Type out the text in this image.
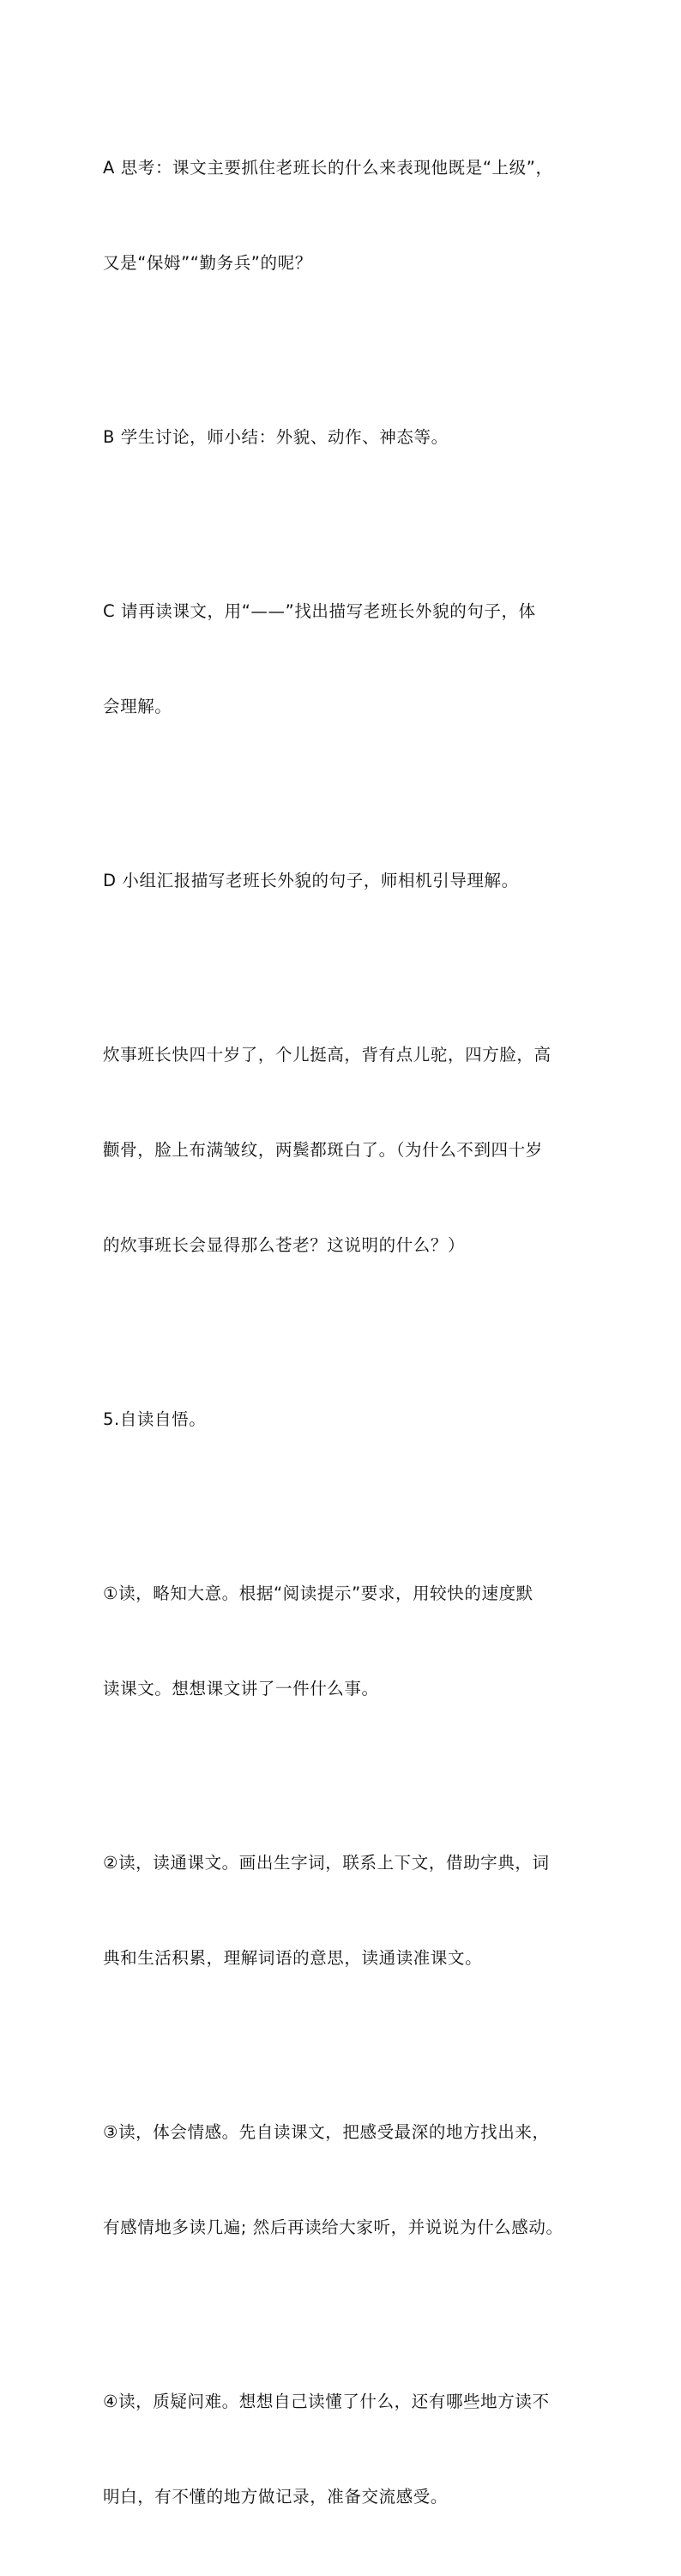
A 思考：课文主要抓住老班长的什么来表现他既是“上级”，

又是“保姆”“勤务兵”的呢？

B 学生讨论，师小结：外貌、动作、神态等。

C 请再读课文，用“——”找出描写老班长外貌的句子，体

会理解。

D 小组汇报描写老班长外貌的句子，师相机引导理解。

炊事班长快四十岁了，个儿挺高，背有点儿驼，四方脸，高

颧骨，脸上布满皱纹，两鬓都斑白了。（为什么不到四十岁

的炊事班长会显得那么苍老？这说明的什么？）

5.自读自悟。

①读，略知大意。根据“阅读提示”要求，用较快的速度默

读课文。想想课文讲了一件什么事。

②读，读通课文。画出生字词，联系上下文，借助字典，词

典和生活积累，理解词语的意思，读通读准课文。

③读，体会情感。先自读课文，把感受最深的地方找出来，

有感情地多读几遍; 然后再读给大家听，并说说为什么感动。

④读，质疑问难。想想自己读懂了什么，还有哪些地方读不

明白，有不懂的地方做记录，准备交流感受。
